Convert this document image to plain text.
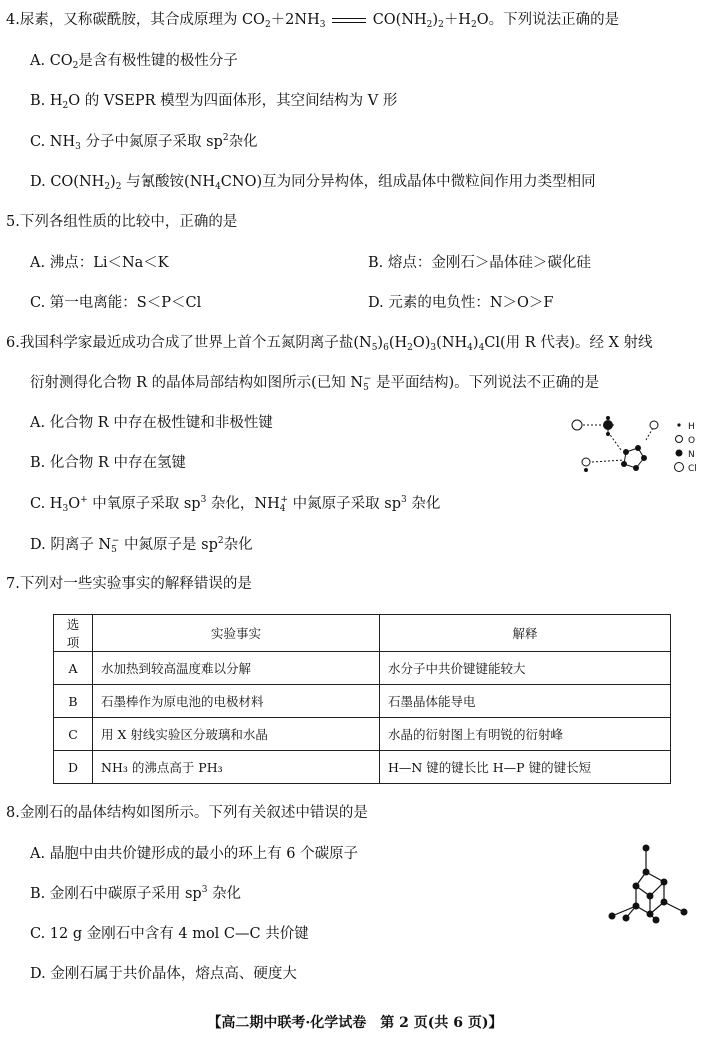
4.尿素，又称碳酰胺，其合成原理为 $CO_2+2NH_3$	$CO(NH_2)_2+H_2O$。下列说法正确的是
A. $CO_2$是含有极性键的极性分子
B. $H_2O$ 的 VSEPR 模型为四面体形，其空间结构为 V 形
C. $NH_3$ 分子中氮原子采取 $sp^2$杂化
D. $CO(NH_2)_2$ 与氰酸铵$(NH_4CNO)$互为同分异构体，组成晶体中微粒间作用力类型相同
5.下列各组性质的比较中，正确的是
A. 沸点：Li＜Na＜K	B. 熔点：金刚石＞晶体硅＞碳化硅
C. 第一电离能：S＜P＜Cl	D. 元素的电负性：N＞O＞F
6.我国科学家最近成功合成了世界上首个五氮阴离子盐$(N_5)_6(H_2O)_3(NH_4)_4Cl$(用 R 代表)。经 X 射线
衍射测得化合物 R 的晶体局部结构如图所示(已知 $N_5^-$ 是平面结构)。下列说法不正确的是
A. 化合物 R 中存在极性键和非极性键
B. 化合物 R 中存在氢键
C. $H_3O^+$ 中氧原子采取 $sp^3$ 杂化，$NH_4^+$ 中氮原子采取 $sp^3$ 杂化
D. 阴离子 $N_5^-$ 中氮原子是 $sp^2$杂化
H
O
N
Cl
7.下列对一些实验事实的解释错误的是
选项	实验事实	解释
A	水加热到较高温度难以分解	水分子中共价键键能较大
B	石墨棒作为原电池的电极材料	石墨晶体能导电
C	用 X 射线实验区分玻璃和水晶	水晶的衍射图上有明锐的衍射峰
D	NH₃ 的沸点高于 PH₃	H—N 键的键长比 H—P 键的键长短
8.金刚石的晶体结构如图所示。下列有关叙述中错误的是
A. 晶胞中由共价键形成的最小的环上有 6 个碳原子
B. 金刚石中碳原子采用 $sp^3$ 杂化
C. 12 g 金刚石中含有 4 mol C—C 共价键
D. 金刚石属于共价晶体，熔点高、硬度大
【高二期中联考·化学试卷　第 2 页(共 6 页)】
